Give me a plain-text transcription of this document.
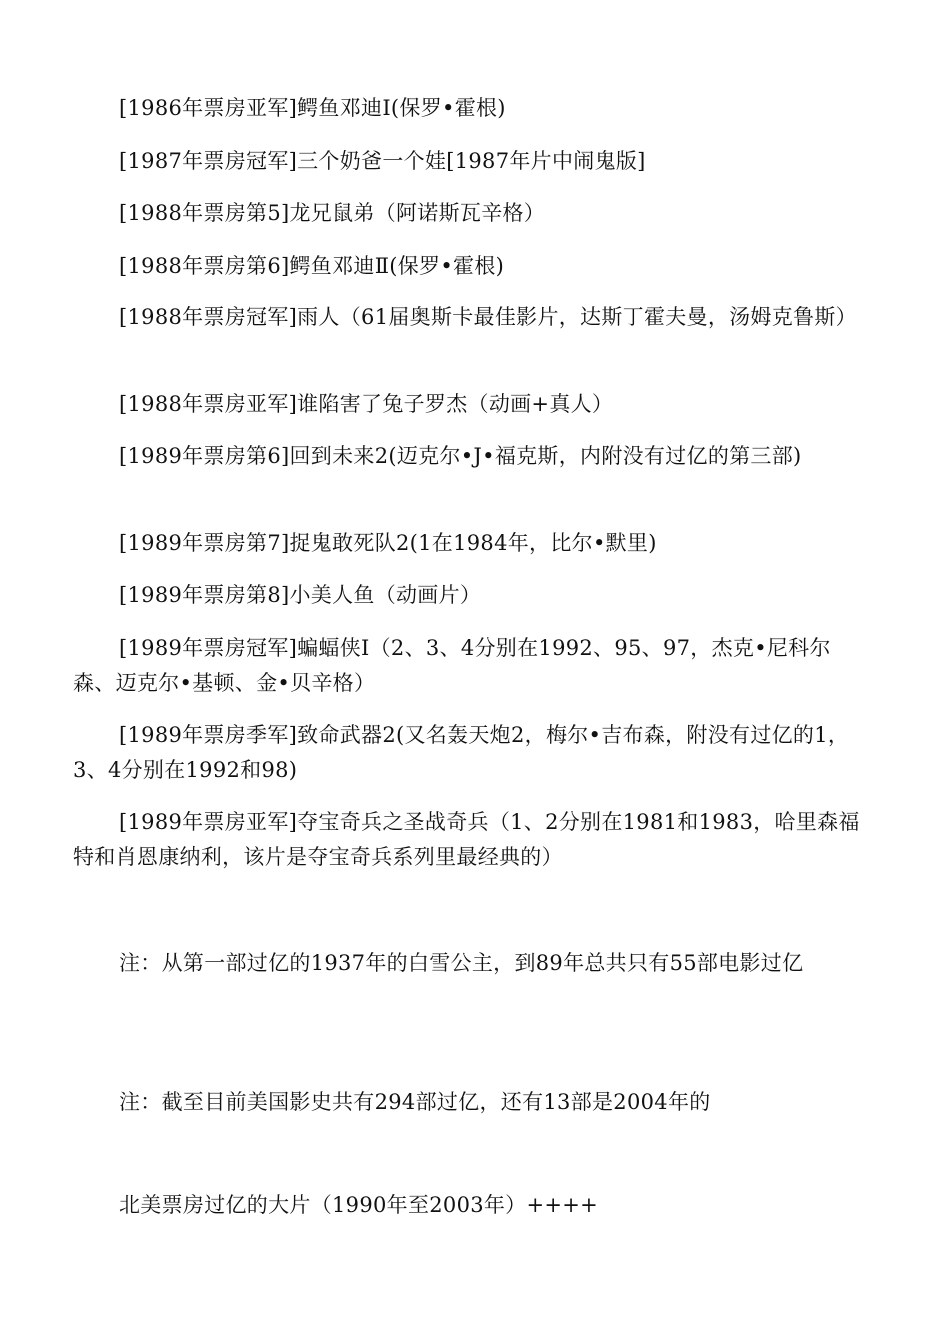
[1986年票房亚军]鳄鱼邓迪Ⅰ(保罗•霍根)

[1987年票房冠军]三个奶爸一个娃[1987年片中闹鬼版]

[1988年票房第5]龙兄鼠弟（阿诺斯瓦辛格）

[1988年票房第6]鳄鱼邓迪Ⅱ(保罗•霍根)

[1988年票房冠军]雨人（61届奥斯卡最佳影片，达斯丁霍夫曼，汤姆克鲁斯）

[1988年票房亚军]谁陷害了兔子罗杰（动画+真人）

[1989年票房第6]回到未来2(迈克尔•J•福克斯，内附没有过亿的第三部)

[1989年票房第7]捉鬼敢死队2(1在1984年，比尔•默里)

[1989年票房第8]小美人鱼（动画片）

[1989年票房冠军]蝙蝠侠Ⅰ（2、3、4分别在1992、95、97，杰克•尼科尔森、迈克尔•基顿、金•贝辛格）

[1989年票房季军]致命武器2(又名轰天炮2，梅尔•吉布森，附没有过亿的1，3、4分别在1992和98)

[1989年票房亚军]夺宝奇兵之圣战奇兵（1、2分别在1981和1983，哈里森福特和肖恩康纳利，该片是夺宝奇兵系列里最经典的）

注：从第一部过亿的1937年的白雪公主，到89年总共只有55部电影过亿

注：截至目前美国影史共有294部过亿，还有13部是2004年的

北美票房过亿的大片（1990年至2003年）++++
